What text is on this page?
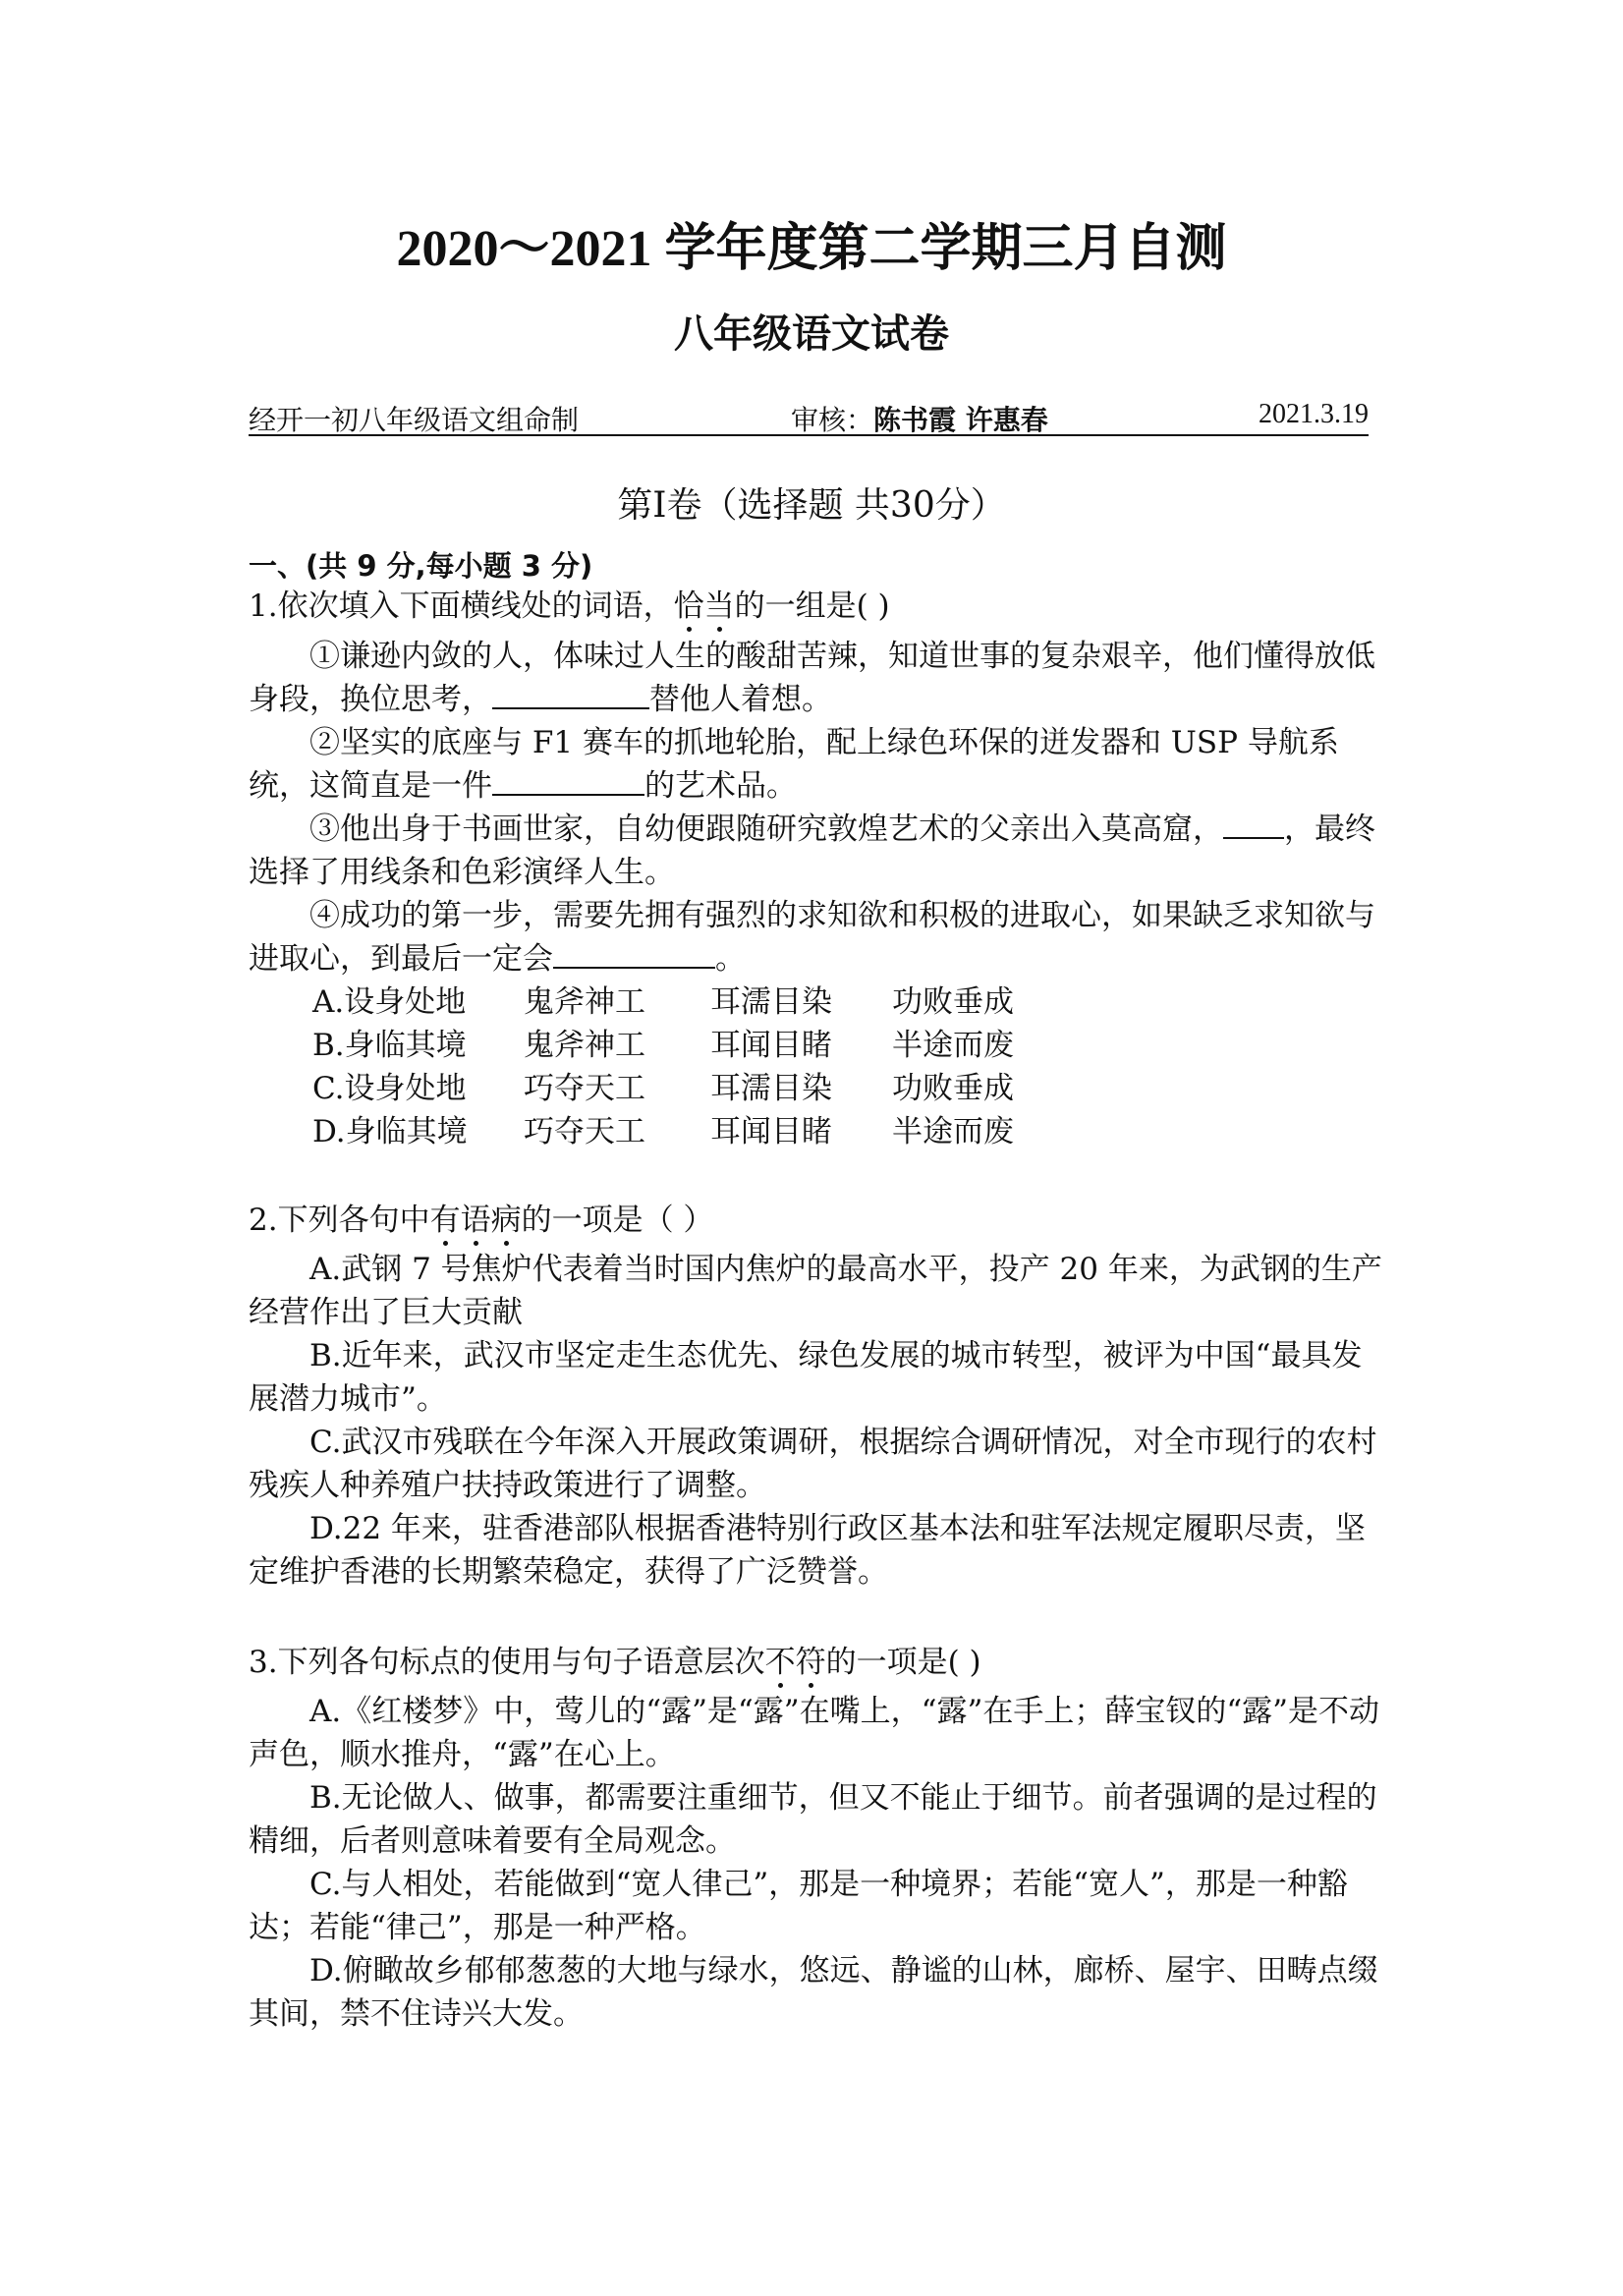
2020～2021 学年度第二学期三月自测
八年级语文试卷
经开一初八年级语文组命制	审核：陈书霞 许惠春	2021.3.19
第Ⅰ卷（选择题 共30分）
一、(共 9 分,每小题 3 分)
1.依次填入下面横线处的词语，恰当的一组是( )
①谦逊内敛的人，体味过人生的酸甜苦辣，知道世事的复杂艰辛，他们懂得放低身段，换位思考，	替他人着想。
②坚实的底座与 F1 赛车的抓地轮胎，配上绿色环保的迸发器和 USP 导航系统，这简直是一件	的艺术品。
③他出身于书画世家，自幼便跟随研究敦煌艺术的父亲出入莫高窟， ，最终选择了用线条和色彩演绎人生。
④成功的第一步，需要先拥有强烈的求知欲和积极的进取心，如果缺乏求知欲与进取心，到最后一定会	。
A.设身处地 鬼斧神工 耳濡目染 功败垂成
B.身临其境 鬼斧神工 耳闻目睹 半途而废
C.设身处地 巧夺天工 耳濡目染 功败垂成
D.身临其境 巧夺天工 耳闻目睹 半途而废
2.下列各句中有语病的一项是（ ）
A.武钢 7 号焦炉代表着当时国内焦炉的最高水平，投产 20 年来，为武钢的生产经营作出了巨大贡献
B.近年来，武汉市坚定走生态优先、绿色发展的城市转型，被评为中国“最具发展潜力城市”。
C.武汉市残联在今年深入开展政策调研，根据综合调研情况，对全市现行的农村残疾人种养殖户扶持政策进行了调整。
D.22 年来，驻香港部队根据香港特别行政区基本法和驻军法规定履职尽责，坚定维护香港的长期繁荣稳定，获得了广泛赞誉。
3.下列各句标点的使用与句子语意层次不符的一项是( )
A.《红楼梦》中，莺儿的“露”是“露”在嘴上，“露”在手上；薛宝钗的“露”是不动声色，顺水推舟，“露”在心上。
B.无论做人、做事，都需要注重细节，但又不能止于细节。前者强调的是过程的精细，后者则意味着要有全局观念。
C.与人相处，若能做到“宽人律己”，那是一种境界；若能“宽人”，那是一种豁达；若能“律己”，那是一种严格。
D.俯瞰故乡郁郁葱葱的大地与绿水，悠远、静谧的山林，廊桥、屋宇、田畴点缀其间，禁不住诗兴大发。
